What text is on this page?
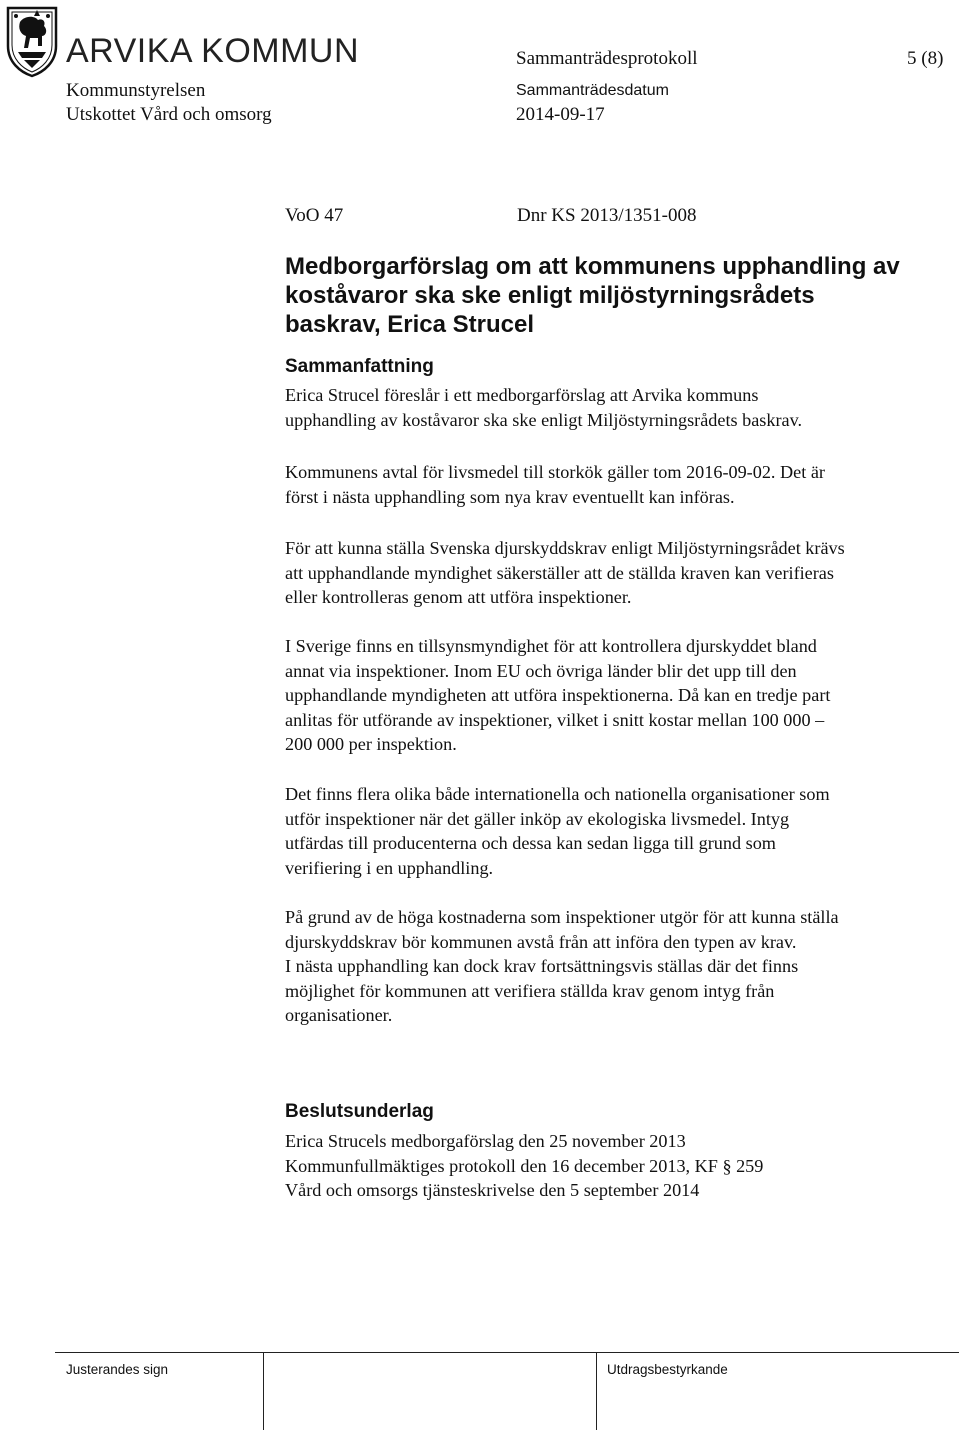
ARVIKA KOMMUN	Sammanträdesprotokoll	5 (8)
Kommunstyrelsen	Sammanträdesdatum
Utskottet Vård och omsorg	2014-09-17
VoO 47	Dnr KS 2013/1351-008
Medborgarförslag om att kommunens upphandling av
koståvaror ska ske enligt miljöstyrningsrådets
baskrav, Erica Strucel
Sammanfattning
Erica Strucel föreslår i ett medborgarförslag att Arvika kommuns
upphandling av koståvaror ska ske enligt Miljöstyrningsrådets baskrav.
Kommunens avtal för livsmedel till storkök gäller tom 2016-09-02. Det är
först i nästa upphandling som nya krav eventuellt kan införas.
För att kunna ställa Svenska djurskyddskrav enligt Miljöstyrningsrådet krävs
att upphandlande myndighet säkerställer att de ställda kraven kan verifieras
eller kontrolleras genom att utföra inspektioner.
I Sverige finns en tillsynsmyndighet för att kontrollera djurskyddet bland
annat via inspektioner. Inom EU och övriga länder blir det upp till den
upphandlande myndigheten att utföra inspektionerna. Då kan en tredje part
anlitas för utförande av inspektioner, vilket i snitt kostar mellan 100 000 –
200 000 per inspektion.
Det finns flera olika både internationella och nationella organisationer som
utför inspektioner när det gäller inköp av ekologiska livsmedel. Intyg
utfärdas till producenterna och dessa kan sedan ligga till grund som
verifiering i en upphandling.
På grund av de höga kostnaderna som inspektioner utgör för att kunna ställa
djurskyddskrav bör kommunen avstå från att införa den typen av krav.
I nästa upphandling kan dock krav fortsättningsvis ställas där det finns
möjlighet för kommunen att verifiera ställda krav genom intyg från
organisationer.
Beslutsunderlag
Erica Strucels medborgaförslag den 25 november 2013
Kommunfullmäktiges protokoll den 16 december 2013, KF § 259
Vård och omsorgs tjänsteskrivelse den 5 september 2014
Justerandes sign	Utdragsbestyrkande
